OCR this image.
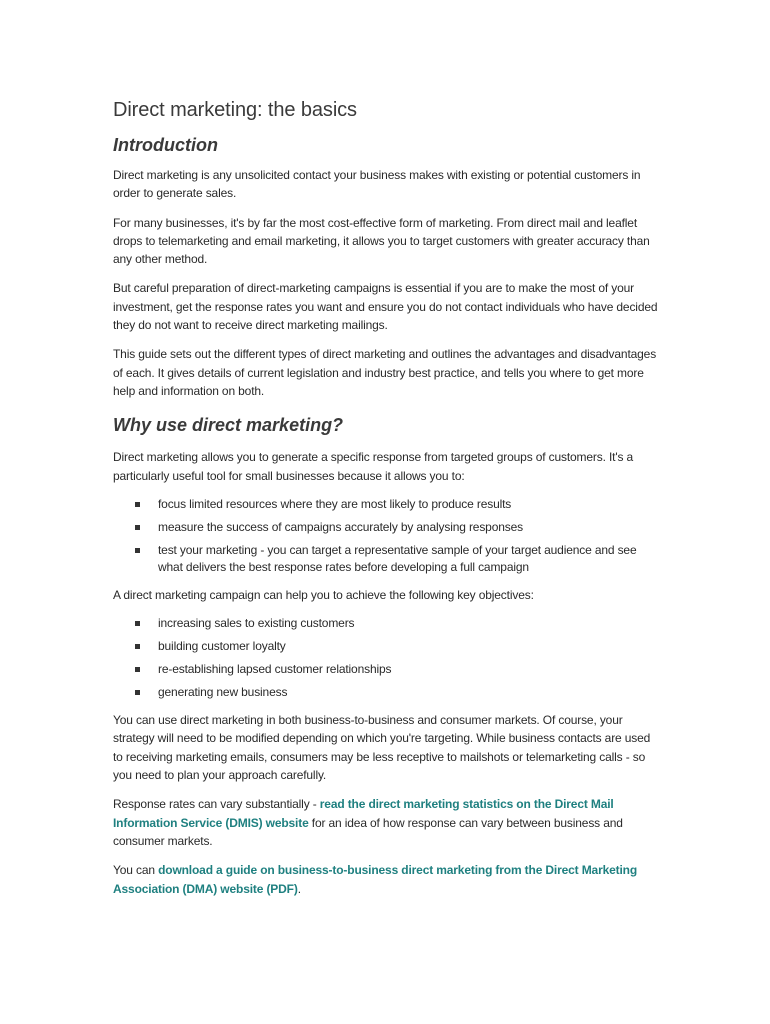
Direct marketing: the basics
Introduction

Direct marketing is any unsolicited contact your business makes with existing or potential customers in order to generate sales.

For many businesses, it's by far the most cost-effective form of marketing. From direct mail and leaflet drops to telemarketing and email marketing, it allows you to target customers with greater accuracy than any other method.

But careful preparation of direct-marketing campaigns is essential if you are to make the most of your investment, get the response rates you want and ensure you do not contact individuals who have decided they do not want to receive direct marketing mailings.

This guide sets out the different types of direct marketing and outlines the advantages and disadvantages of each. It gives details of current legislation and industry best practice, and tells you where to get more help and information on both.

Why use direct marketing?

Direct marketing allows you to generate a specific response from targeted groups of customers. It's a particularly useful tool for small businesses because it allows you to:

focus limited resources where they are most likely to produce results
measure the success of campaigns accurately by analysing responses
test your marketing - you can target a representative sample of your target audience and see what delivers the best response rates before developing a full campaign

A direct marketing campaign can help you to achieve the following key objectives:

increasing sales to existing customers
building customer loyalty
re-establishing lapsed customer relationships
generating new business

You can use direct marketing in both business-to-business and consumer markets. Of course, your strategy will need to be modified depending on which you're targeting. While business contacts are used to receiving marketing emails, consumers may be less receptive to mailshots or telemarketing calls - so you need to plan your approach carefully.

Response rates can vary substantially - read the direct marketing statistics on the Direct Mail Information Service (DMIS) website for an idea of how response can vary between business and consumer markets.

You can download a guide on business-to-business direct marketing from the Direct Marketing Association (DMA) website (PDF).
